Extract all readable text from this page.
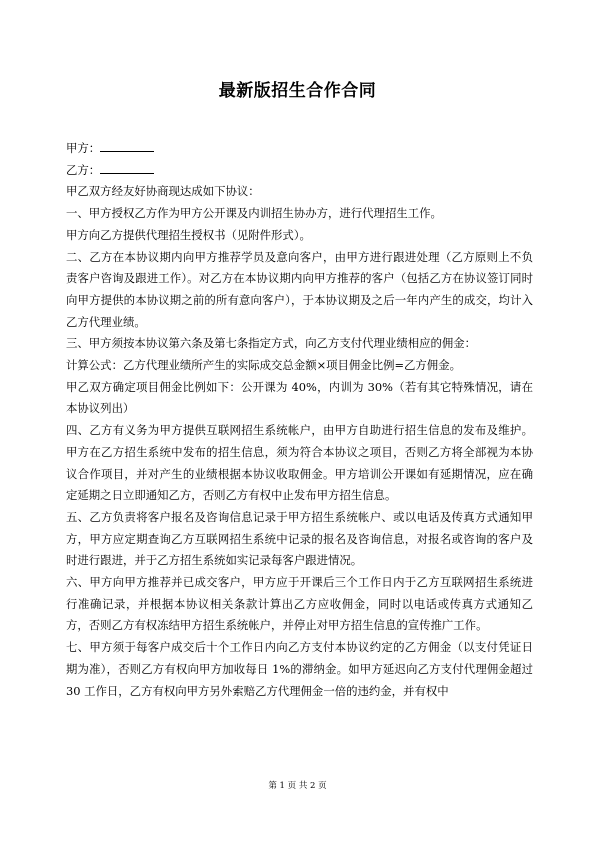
最新版招生合作合同

甲方：

乙方：

甲乙双方经友好协商现达成如下协议：

一、甲方授权乙方作为甲方公开课及内训招生协办方，进行代理招生工作。

甲方向乙方提供代理招生授权书（见附件形式）。

二、乙方在本协议期内向甲方推荐学员及意向客户，由甲方进行跟进处理（乙方原则上不负责客户咨询及跟进工作）。对乙方在本协议期内向甲方推荐的客户（包括乙方在协议签订同时向甲方提供的本协议期之前的所有意向客户），于本协议期及之后一年内产生的成交，均计入乙方代理业绩。

三、甲方须按本协议第六条及第七条指定方式，向乙方支付代理业绩相应的佣金：

计算公式：乙方代理业绩所产生的实际成交总金额×项目佣金比例=乙方佣金。

甲乙双方确定项目佣金比例如下：公开课为 40%，内训为 30%（若有其它特殊情况，请在本协议列出）

四、乙方有义务为甲方提供互联网招生系统帐户，由甲方自助进行招生信息的发布及维护。甲方在乙方招生系统中发布的招生信息，须为符合本协议之项目，否则乙方将全部视为本协议合作项目，并对产生的业绩根据本协议收取佣金。甲方培训公开课如有延期情况，应在确定延期之日立即通知乙方，否则乙方有权中止发布甲方招生信息。

五、乙方负责将客户报名及咨询信息记录于甲方招生系统帐户、或以电话及传真方式通知甲方，甲方应定期查询乙方互联网招生系统中记录的报名及咨询信息，对报名或咨询的客户及时进行跟进，并于乙方招生系统如实记录每客户跟进情况。

六、甲方向甲方推荐并已成交客户，甲方应于开课后三个工作日内于乙方互联网招生系统进行准确记录，并根据本协议相关条款计算出乙方应收佣金，同时以电话或传真方式通知乙方，否则乙方有权冻结甲方招生系统帐户，并停止对甲方招生信息的宣传推广工作。

七、甲方须于每客户成交后十个工作日内向乙方支付本协议约定的乙方佣金（以支付凭证日期为准），否则乙方有权向甲方加收每日 1%的滞纳金。如甲方延迟向乙方支付代理佣金超过 30 工作日，乙方有权向甲方另外索赔乙方代理佣金一倍的违约金，并有权中

第 1 页 共 2 页
